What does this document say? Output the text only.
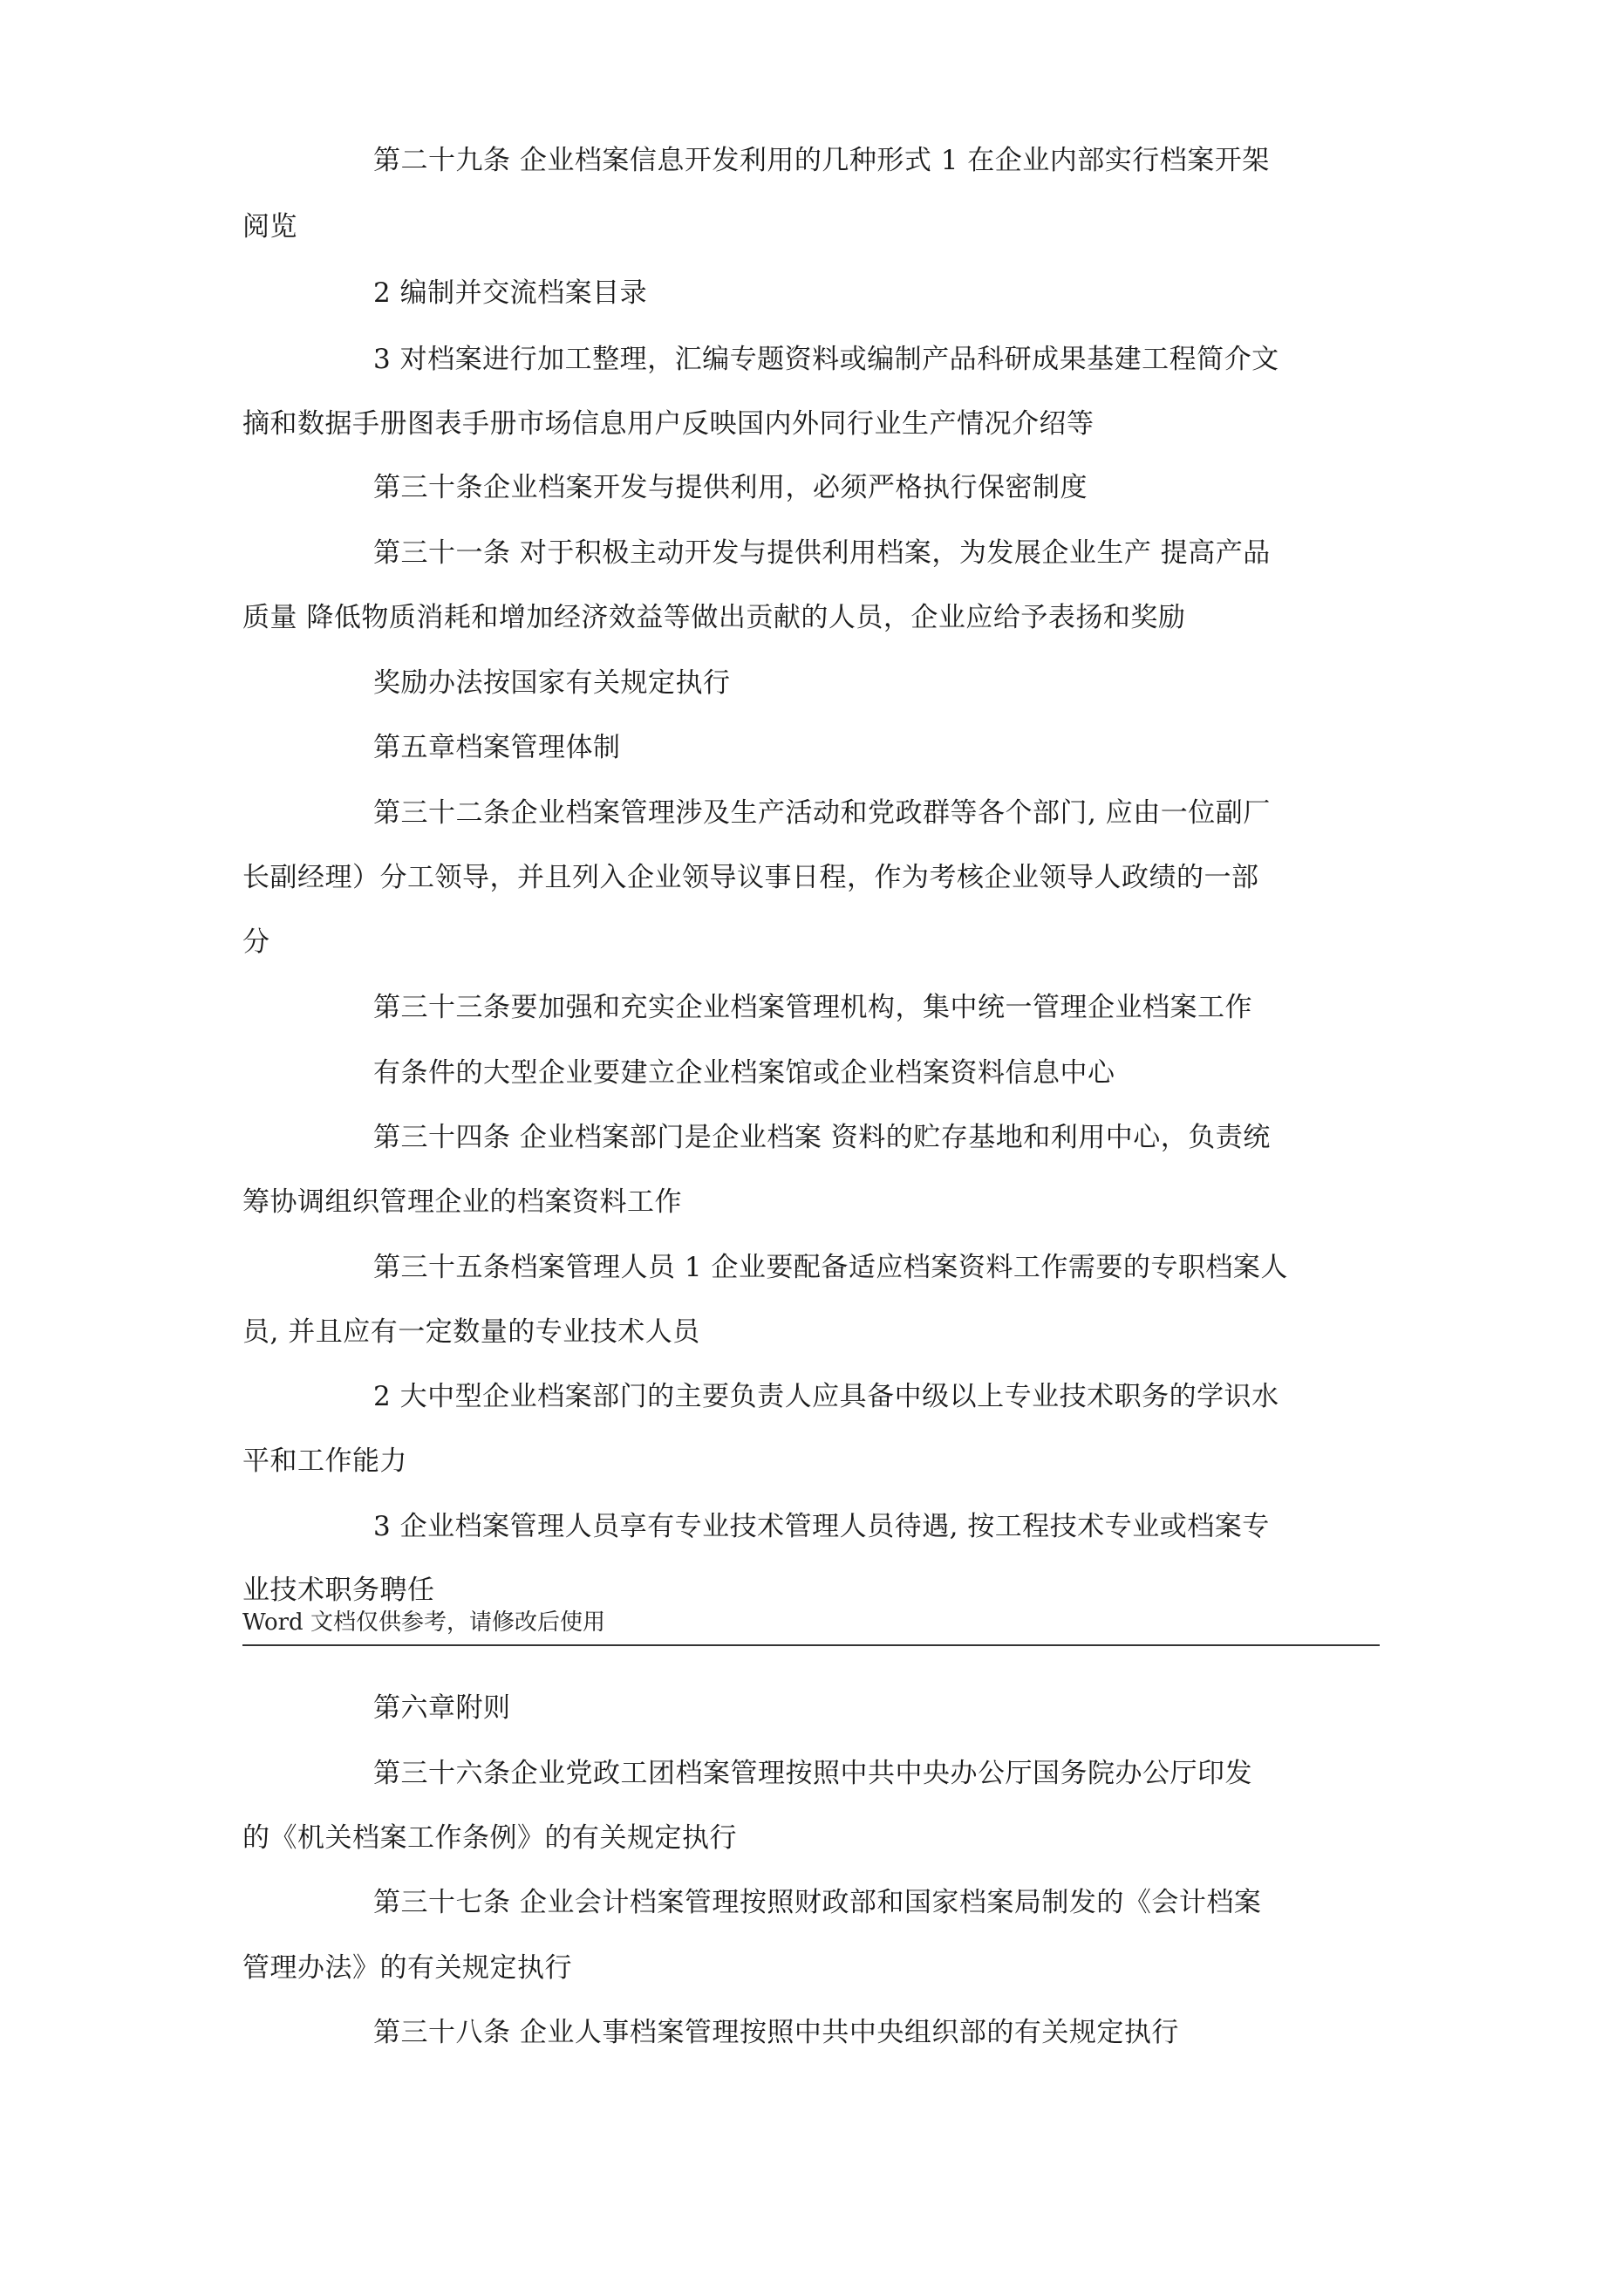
第二十九条 企业档案信息开发利用的几种形式 1 在企业内部实行档案开架
阅览
2 编制并交流档案目录
3 对档案进行加工整理，汇编专题资料或编制产品科研成果基建工程简介文
摘和数据手册图表手册市场信息用户反映国内外同行业生产情况介绍等
第三十条企业档案开发与提供利用，必须严格执行保密制度
第三十一条 对于积极主动开发与提供利用档案，为发展企业生产 提高产品
质量 降低物质消耗和增加经济效益等做出贡献的人员，企业应给予表扬和奖励
奖励办法按国家有关规定执行
第五章档案管理体制
第三十二条企业档案管理涉及生产活动和党政群等各个部门, 应由一位副厂
长副经理）分工领导，并且列入企业领导议事日程，作为考核企业领导人政绩的一部
分
第三十三条要加强和充实企业档案管理机构，集中统一管理企业档案工作
有条件的大型企业要建立企业档案馆或企业档案资料信息中心
第三十四条 企业档案部门是企业档案 资料的贮存基地和利用中心，负责统
筹协调组织管理企业的档案资料工作
第三十五条档案管理人员 1 企业要配备适应档案资料工作需要的专职档案人
员, 并且应有一定数量的专业技术人员
2 大中型企业档案部门的主要负责人应具备中级以上专业技术职务的学识水
平和工作能力
3 企业档案管理人员享有专业技术管理人员待遇, 按工程技术专业或档案专
业技术职务聘任
Word 文档仅供参考，请修改后使用
第六章附则
第三十六条企业党政工团档案管理按照中共中央办公厅国务院办公厅印发
的《机关档案工作条例》的有关规定执行
第三十七条 企业会计档案管理按照财政部和国家档案局制发的《会计档案
管理办法》的有关规定执行
第三十八条 企业人事档案管理按照中共中央组织部的有关规定执行
